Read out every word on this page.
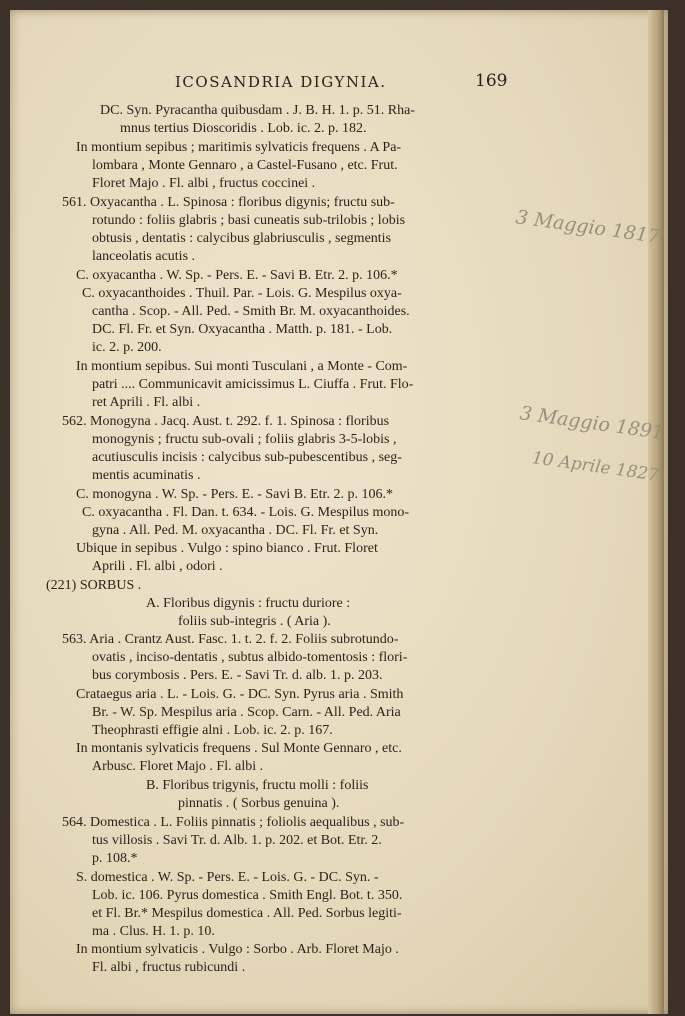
ICOSANDRIA DIGYNIA.	169
DC. Syn. Pyracantha quibusdam . J. B. H. 1. p. 51. Rha-
mnus tertius Dioscoridis . Lob. ic. 2. p. 182.
In montium sepibus ; maritimis sylvaticis frequens . A Pa-
lombara , Monte Gennaro , a Castel-Fusano , etc. Frut.
Floret Majo . Fl. albi , fructus coccinei .
561. Oxyacantha . L. Spinosa : floribus digynis; fructu sub-
rotundo : foliis glabris ; basi cuneatis sub-trilobis ; lobis
obtusis , dentatis : calycibus glabriusculis , segmentis
lanceolatis acutis .
C. oxyacantha . W. Sp. - Pers. E. - Savi B. Etr. 2. p. 106.*
C. oxyacanthoides . Thuil. Par. - Lois. G. Mespilus oxya-
cantha . Scop. - All. Ped. - Smith Br. M. oxyacanthoides.
DC. Fl. Fr. et Syn. Oxyacantha . Matth. p. 181. - Lob.
ic. 2. p. 200.
In montium sepibus. Sui monti Tusculani , a Monte - Com-
patri .... Communicavit amicissimus L. Ciuffa . Frut. Flo-
ret Aprili . Fl. albi .
562. Monogyna . Jacq. Aust. t. 292. f. 1. Spinosa : floribus
monogynis ; fructu sub-ovali ; foliis glabris 3-5-lobis ,
acutiusculis incisis : calycibus sub-pubescentibus , seg-
mentis acuminatis .
C. monogyna . W. Sp. - Pers. E. - Savi B. Etr. 2. p. 106.*
C. oxyacantha . Fl. Dan. t. 634. - Lois. G. Mespilus mono-
gyna . All. Ped. M. oxyacantha . DC. Fl. Fr. et Syn.
Ubique in sepibus . Vulgo : spino bianco . Frut. Floret
Aprili . Fl. albi , odori .
(221) SORBUS .
A. Floribus digynis : fructu duriore :
foliis sub-integris . ( Aria ).
563. Aria . Crantz Aust. Fasc. 1. t. 2. f. 2. Foliis subrotundo-
ovatis , inciso-dentatis , subtus albido-tomentosis : flori-
bus corymbosis . Pers. E. - Savi Tr. d. alb. 1. p. 203.
Crataegus aria . L. - Lois. G. - DC. Syn. Pyrus aria . Smith
Br. - W. Sp. Mespilus aria . Scop. Carn. - All. Ped. Aria
Theophrasti effigie alni . Lob. ic. 2. p. 167.
In montanis sylvaticis frequens . Sul Monte Gennaro , etc.
Arbusc. Floret Majo . Fl. albi .
B. Floribus trigynis, fructu molli : foliis
pinnatis . ( Sorbus genuina ).
564. Domestica . L. Foliis pinnatis ; foliolis aequalibus , sub-
tus villosis . Savi Tr. d. Alb. 1. p. 202. et Bot. Etr. 2.
p. 108.*
S. domestica . W. Sp. - Pers. E. - Lois. G. - DC. Syn. -
Lob. ic. 106. Pyrus domestica . Smith Engl. Bot. t. 350.
et Fl. Br.* Mespilus domestica . All. Ped. Sorbus legiti-
ma . Clus. H. 1. p. 10.
In montium sylvaticis . Vulgo : Sorbo . Arb. Floret Majo .
Fl. albi , fructus rubicundi .
3 Maggio 1817
3 Maggio 1891
10 Aprile 1827
